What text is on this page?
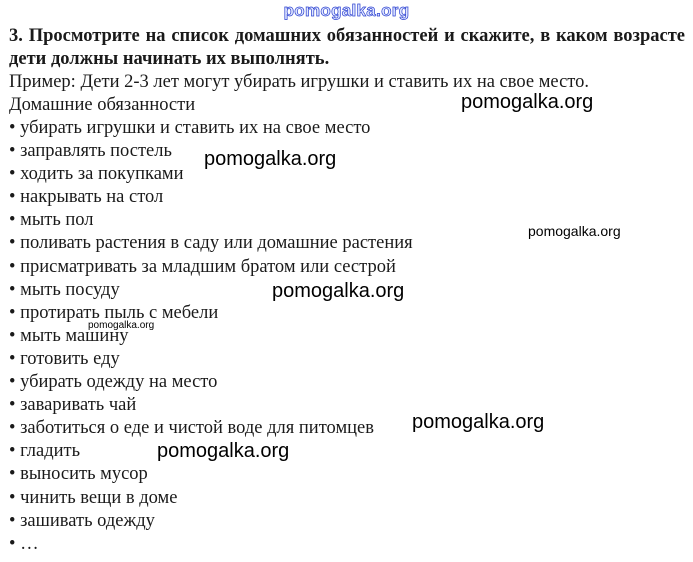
pomogalka.org
3. Просмотрите на список домашних обязанностей и скажите, в каком возрасте дети должны начинать их выполнять.
Пример: Дети 2-3 лет могут убирать игрушки и ставить их на свое место.
Домашние обязанности
• убирать игрушки и ставить их на свое место
• заправлять постель
• ходить за покупками
• накрывать на стол
• мыть пол
• поливать растения в саду или домашние растения
• присматривать за младшим братом или сестрой
• мыть посуду
• протирать пыль с мебели
• мыть машину
• готовить еду
• убирать одежду на место
• заваривать чай
• заботиться о еде и чистой воде для питомцев
• гладить
• выносить мусор
• чинить вещи в доме
• зашивать одежду
• …
pomogalka.org
pomogalka.org
pomogalka.org
pomogalka.org
pomogalka.org
pomogalka.org
pomogalka.org
